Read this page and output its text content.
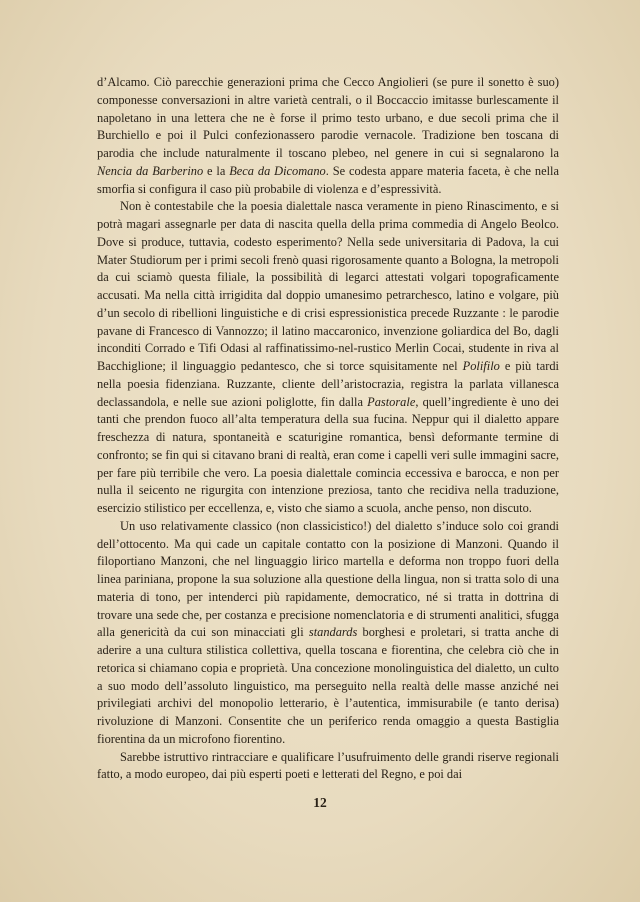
d’Alcamo. Ciò parecchie generazioni prima che Cecco Angiolieri (se pure il sonetto è suo) componesse conversazioni in altre varietà centrali, o il Boccaccio imitasse burlescamente il napoletano in una lettera che ne è forse il primo testo urbano, e due secoli prima che il Burchiello e poi il Pulci confezionassero parodie vernacole. Tradizione ben toscana di parodia che include naturalmente il toscano plebeo, nel genere in cui si segnalarono la Nencia da Barberino e la Beca da Dicomano. Se codesta appare materia faceta, è che nella smorfia si configura il caso più probabile di violenza e d’espressività.

Non è contestabile che la poesia dialettale nasca veramente in pieno Rinascimento, e si potrà magari assegnarle per data di nascita quella della prima commedia di Angelo Beolco. Dove si produce, tuttavia, codesto esperimento? Nella sede universitaria di Padova, la cui Mater Studiorum per i primi secoli frenò quasi rigorosamente quanto a Bologna, la metropoli da cui sciamò questa filiale, la possibilità di legarci attestati volgari topograficamente accusati. Ma nella città irrigidita dal doppio umanesimo petrarchesco, latino e volgare, più d’un secolo di ribellioni linguistiche e di crisi espressionistica precede Ruzzante : le parodie pavane di Francesco di Vannozzo; il latino maccaronico, invenzione goliardica del Bo, dagli inconditi Corrado e Tifi Odasi al raffinatissimo-nel-rustico Merlin Cocai, studente in riva al Bacchiglione; il linguaggio pedantesco, che si torce squisitamente nel Polifilo e più tardi nella poesia fidenziana. Ruzzante, cliente dell’aristocrazia, registra la parlata villanesca declassandola, e nelle sue azioni poliglotte, fin dalla Pastorale, quell’ingrediente è uno dei tanti che prendon fuoco all’alta temperatura della sua fucina. Neppur qui il dialetto appare freschezza di natura, spontaneità e scaturigine romantica, bensì deformante termine di confronto; se fin qui si citavano brani di realtà, eran come i capelli veri sulle immagini sacre, per fare più terribile che vero. La poesia dialettale comincia eccessiva e barocca, e non per nulla il seicento ne rigurgita con intenzione preziosa, tanto che recidiva nella traduzione, esercizio stilistico per eccellenza, e, visto che siamo a scuola, anche penso, non discuto.

Un uso relativamente classico (non classicistico!) del dialetto s’induce solo coi grandi dell’ottocento. Ma qui cade un capitale contatto con la posizione di Manzoni. Quando il filoportiano Manzoni, che nel linguaggio lirico martella e deforma non troppo fuori della linea pariniana, propone la sua soluzione alla questione della lingua, non si tratta solo di una materia di tono, per intenderci più rapidamente, democratico, né si tratta in dottrina di trovare una sede che, per costanza e precisione nomenclatoria e di strumenti analitici, sfugga alla genericità da cui son minacciati gli standards borghesi e proletari, si tratta anche di aderire a una cultura stilistica collettiva, quella toscana e fiorentina, che celebra ciò che in retorica si chiamano copia e proprietà. Una concezione monolinguistica del dialetto, un culto a suo modo dell’assoluto linguistico, ma perseguito nella realtà delle masse anziché nei privilegiati archivi del monopolio letterario, è l’autentica, immisurabile (e tanto derisa) rivoluzione di Manzoni. Consentite che un periferico renda omaggio a questa Bastiglia fiorentina da un microfono fiorentino.

Sarebbe istruttivo rintracciare e qualificare l’usufruimento delle grandi riserve regionali fatto, a modo europeo, dai più esperti poeti e letterati del Regno, e poi dai

12
